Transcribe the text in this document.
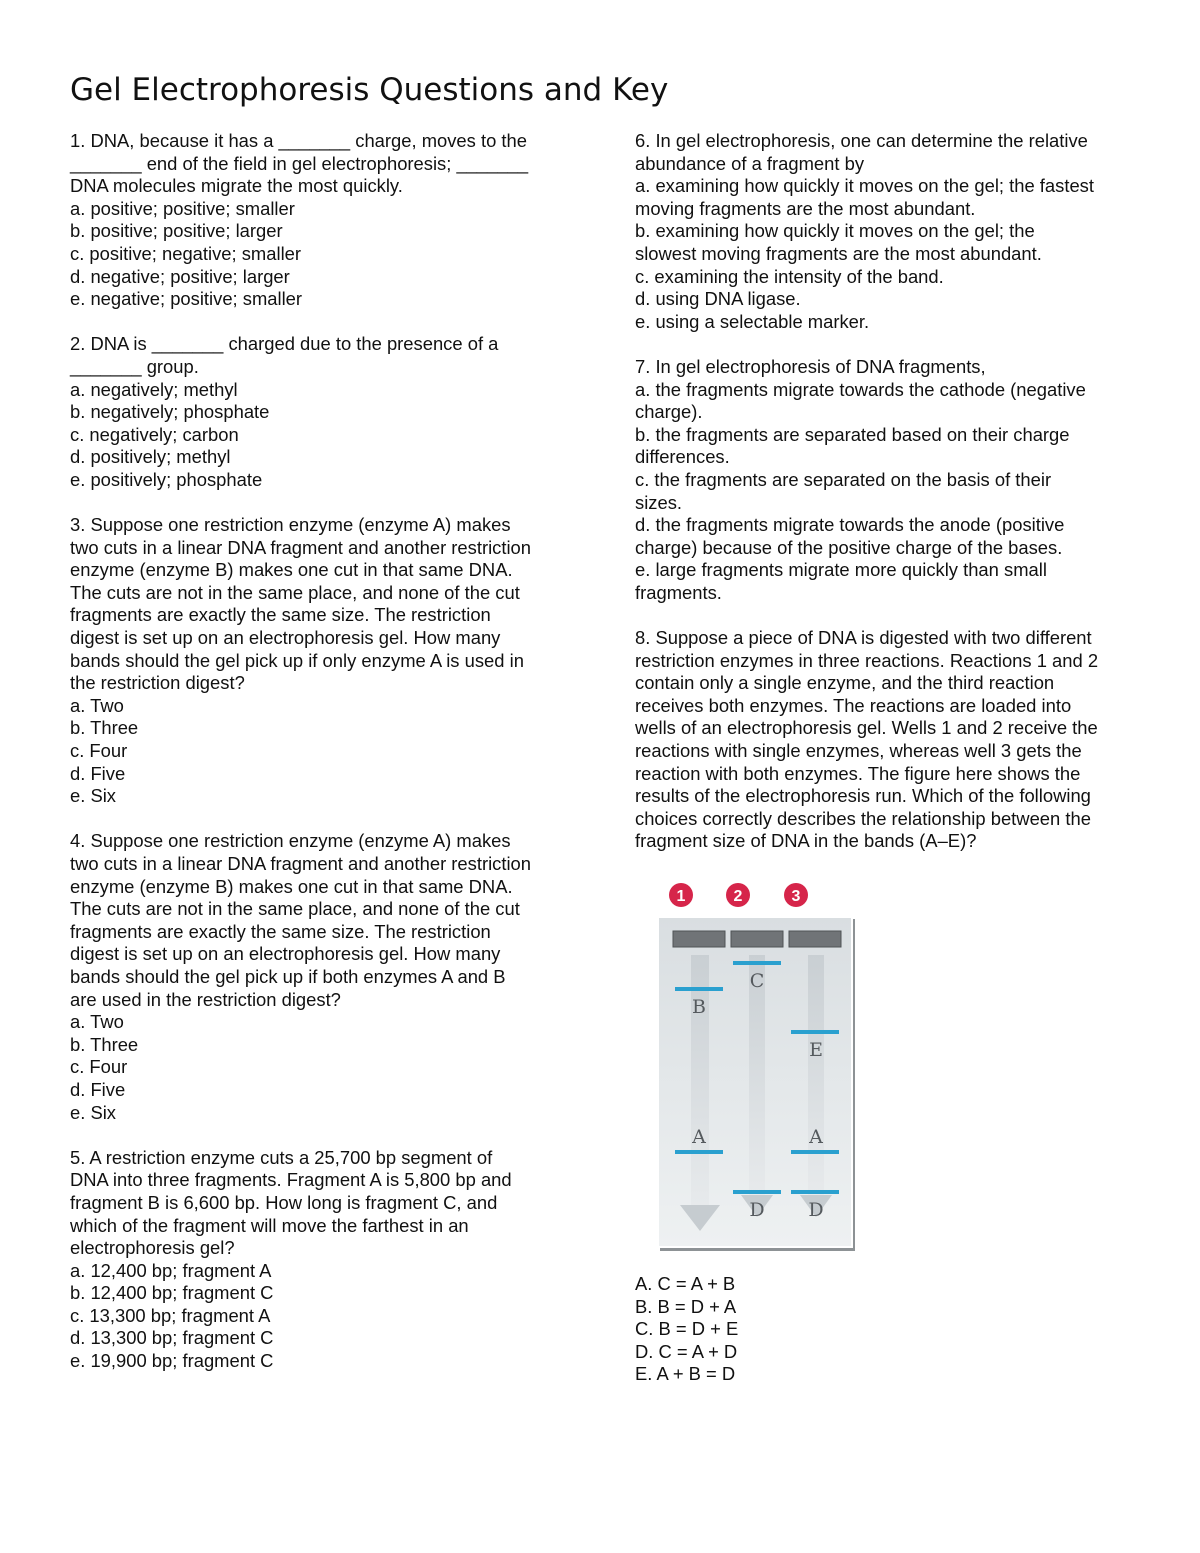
Gel Electrophoresis Questions and Key
1. DNA, because it has a _______ charge, moves to the
_______ end of the field in gel electrophoresis; _______
DNA molecules migrate the most quickly.
a. positive; positive; smaller
b. positive; positive; larger
c. positive; negative; smaller
d. negative; positive; larger
e. negative; positive; smaller
2. DNA is _______ charged due to the presence of a
_______ group.
a. negatively; methyl
b. negatively; phosphate
c. negatively; carbon
d. positively; methyl
e. positively; phosphate
3. Suppose one restriction enzyme (enzyme A) makes
two cuts in a linear DNA fragment and another restriction
enzyme (enzyme B) makes one cut in that same DNA.
The cuts are not in the same place, and none of the cut
fragments are exactly the same size. The restriction
digest is set up on an electrophoresis gel. How many
bands should the gel pick up if only enzyme A is used in
the restriction digest?
a. Two
b. Three
c. Four
d. Five
e. Six
4. Suppose one restriction enzyme (enzyme A) makes
two cuts in a linear DNA fragment and another restriction
enzyme (enzyme B) makes one cut in that same DNA.
The cuts are not in the same place, and none of the cut
fragments are exactly the same size. The restriction
digest is set up on an electrophoresis gel. How many
bands should the gel pick up if both enzymes A and B
are used in the restriction digest?
a. Two
b. Three
c. Four
d. Five
e. Six
5. A restriction enzyme cuts a 25,700 bp segment of
DNA into three fragments. Fragment A is 5,800 bp and
fragment B is 6,600 bp. How long is fragment C, and
which of the fragment will move the farthest in an
electrophoresis gel?
a. 12,400 bp; fragment A
b. 12,400 bp; fragment C
c. 13,300 bp; fragment A
d. 13,300 bp; fragment C
e. 19,900 bp; fragment C
6. In gel electrophoresis, one can determine the relative
abundance of a fragment by
a. examining how quickly it moves on the gel; the fastest
moving fragments are the most abundant.
b. examining how quickly it moves on the gel; the
slowest moving fragments are the most abundant.
c. examining the intensity of the band.
d. using DNA ligase.
e. using a selectable marker.
7. In gel electrophoresis of DNA fragments,
a. the fragments migrate towards the cathode (negative
charge).
b. the fragments are separated based on their charge
differences.
c. the fragments are separated on the basis of their
sizes.
d. the fragments migrate towards the anode (positive
charge) because of the positive charge of the bases.
e. large fragments migrate more quickly than small
fragments.
8. Suppose a piece of DNA is digested with two different
restriction enzymes in three reactions. Reactions 1 and 2
contain only a single enzyme, and the third reaction
receives both enzymes. The reactions are loaded into
wells of an electrophoresis gel. Wells 1 and 2 receive the
reactions with single enzymes, whereas well 3 gets the
reaction with both enzymes. The figure here shows the
results of the electrophoresis run. Which of the following
choices correctly describes the relationship between the
fragment size of DNA in the bands (A–E)?
1	2	3
B
A
C
D
E
A
D
A. C = A + B
B. B = D + A
C. B = D + E
D. C = A + D
E. A + B = D
